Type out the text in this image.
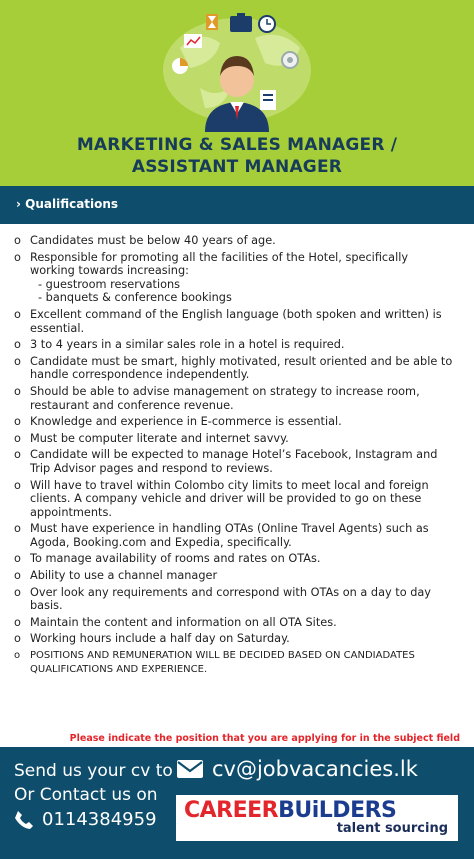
MARKETING & SALES MANAGER /
ASSISTANT MANAGER
› Qualifications
o Candidates must be below 40 years of age.
o Responsible for promoting all the facilities of the Hotel, specifically working towards increasing:
- guestroom reservations
- banquets & conference bookings
o Excellent command of the English language (both spoken and written) is essential.
o 3 to 4 years in a similar sales role in a hotel is required.
o Candidate must be smart, highly motivated, result oriented and be able to handle correspondence independently.
o Should be able to advise management on strategy to increase room, restaurant and conference revenue.
o Knowledge and experience in E-commerce is essential.
o Must be computer literate and internet savvy.
o Candidate will be expected to manage Hotel’s Facebook, Instagram and Trip Advisor pages and respond to reviews.
o Will have to travel within Colombo city limits to meet local and foreign clients. A company vehicle and driver will be provided to go on these appointments.
o Must have experience in handling OTAs (Online Travel Agents) such as Agoda, Booking.com and Expedia, specifically.
o To manage availability of rooms and rates on OTAs.
o Ability to use a channel manager
o Over look any requirements and correspond with OTAs on a day to day basis.
o Maintain the content and information on all OTA Sites.
o Working hours include a half day on Saturday.
o POSITIONS AND REMUNERATION WILL BE DECIDED BASED ON CANDIADATES QUALIFICATIONS AND EXPERIENCE.
Please indicate the position that you are applying for in the subject field
Send us your cv to
Or Contact us on
cv@jobvacancies.lk
0114384959 CAREERBUiLDERS
talent sourcing
